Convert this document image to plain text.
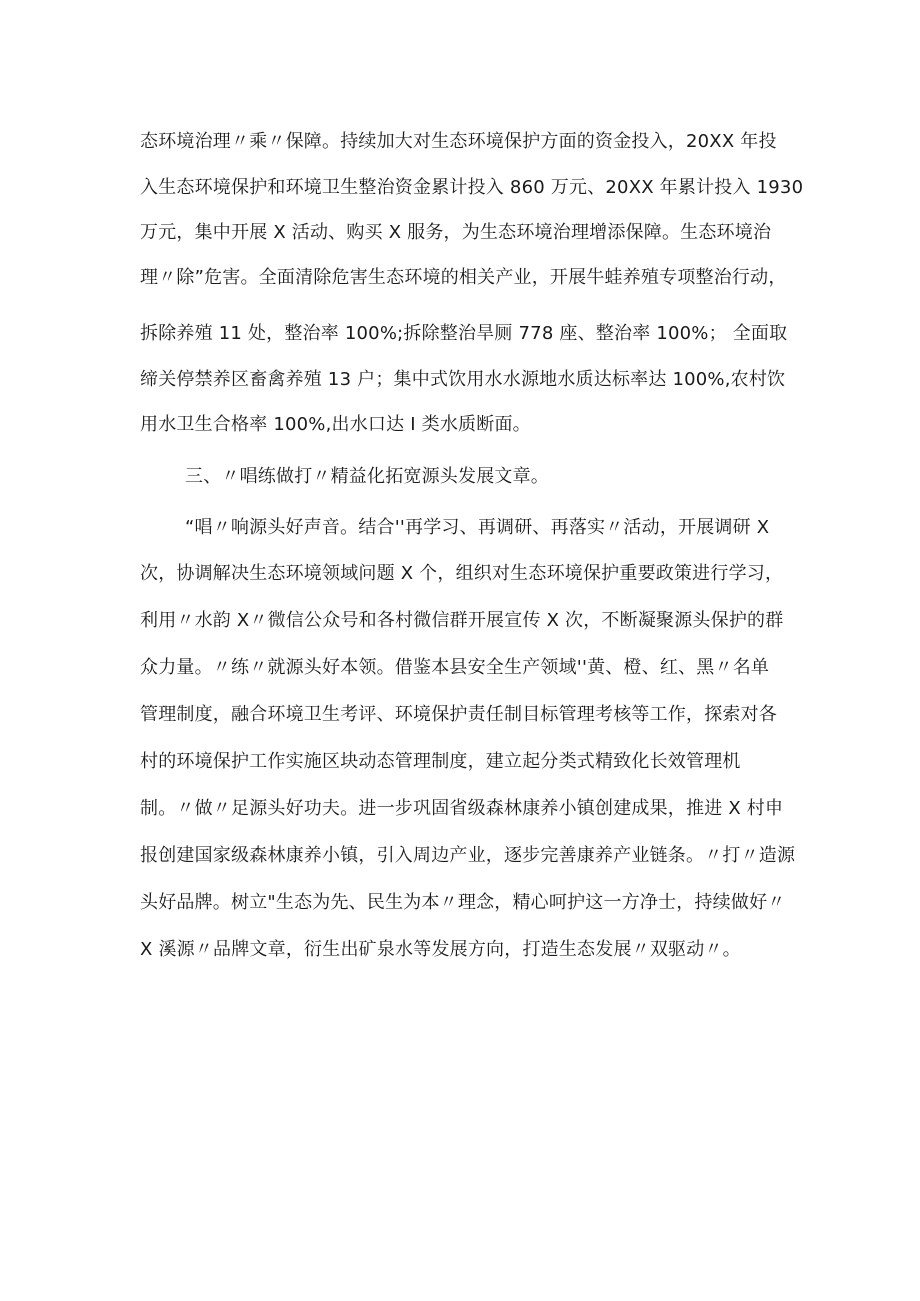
态环境治理〃乘〃保障。持续加大对生态环境保护方面的资金投入，20XX 年投
入生态环境保护和环境卫生整治资金累计投入 860 万元、20XX 年累计投入 1930
万元，集中开展 X 活动、购买 X 服务，为生态环境治理增添保障。生态环境治
理〃除”危害。全面清除危害生态环境的相关产业，开展牛蛙养殖专项整治行动，
拆除养殖 11 处，整治率 100%;拆除整治旱厕 778 座、整治率 100%； 全面取
缔关停禁养区畜禽养殖 13 户；集中式饮用水水源地水质达标率达 100%,农村饮
用水卫生合格率 100%,出水口达 I 类水质断面。
三、〃唱练做打〃精益化拓宽源头发展文章。
“唱〃响源头好声音。结合''再学习、再调研、再落实〃活动，开展调研 X
次，协调解决生态环境领域问题 X 个，组织对生态环境保护重要政策进行学习，
利用〃水韵 X〃微信公众号和各村微信群开展宣传 X 次，不断凝聚源头保护的群
众力量。〃练〃就源头好本领。借鉴本县安全生产领域''黄、橙、红、黑〃名单
管理制度，融合环境卫生考评、环境保护责任制目标管理考核等工作，探索对各
村的环境保护工作实施区块动态管理制度，建立起分类式精致化长效管理机
制。〃做〃足源头好功夫。进一步巩固省级森林康养小镇创建成果，推进 X 村申
报创建国家级森林康养小镇，引入周边产业，逐步完善康养产业链条。〃打〃造源
头好品牌。树立"生态为先、民生为本〃理念，精心呵护这一方净士，持续做好〃
X 溪源〃品牌文章，衍生出矿泉水等发展方向，打造生态发展〃双驱动〃。
